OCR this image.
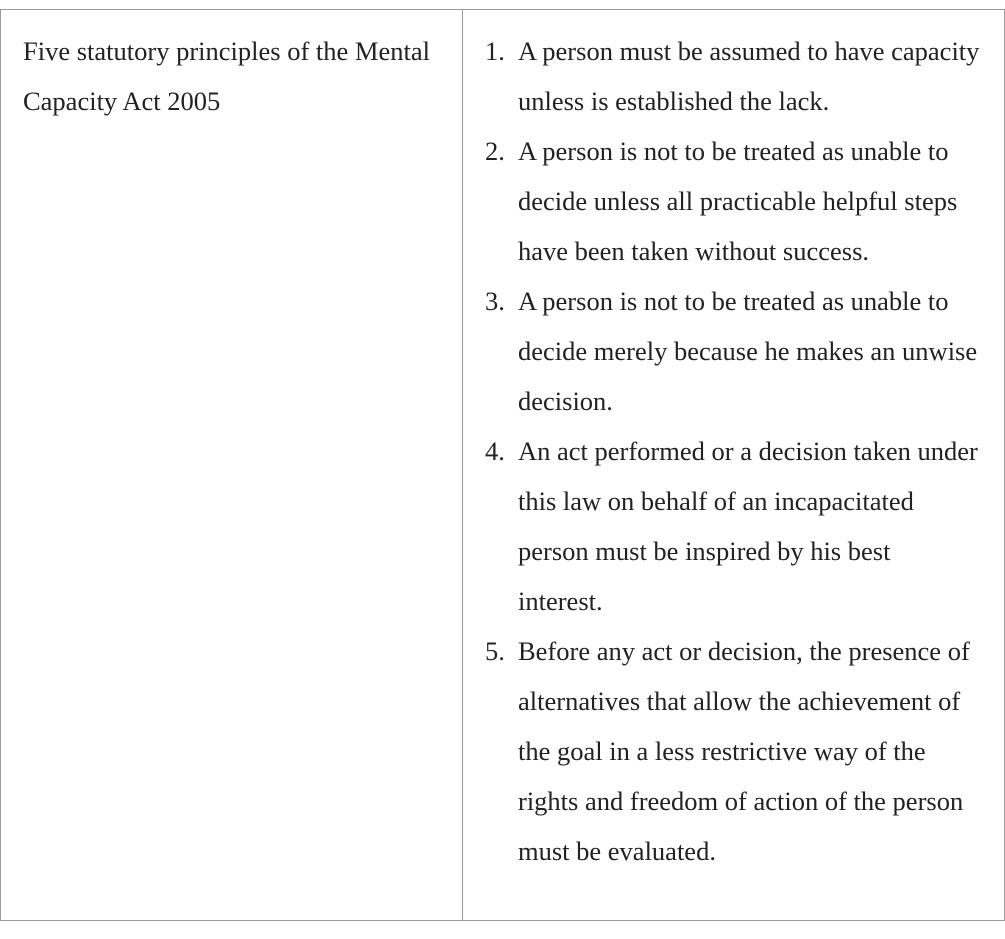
Five statutory principles of the Mental Capacity Act 2005
1. A person must be assumed to have capacity unless is established the lack.
2. A person is not to be treated as unable to decide unless all practicable helpful steps have been taken without success.
3. A person is not to be treated as unable to decide merely because he makes an unwise decision.
4. An act performed or a decision taken under this law on behalf of an incapacitated person must be inspired by his best interest.
5. Before any act or decision, the presence of alternatives that allow the achievement of the goal in a less restrictive way of the rights and freedom of action of the person must be evaluated.
